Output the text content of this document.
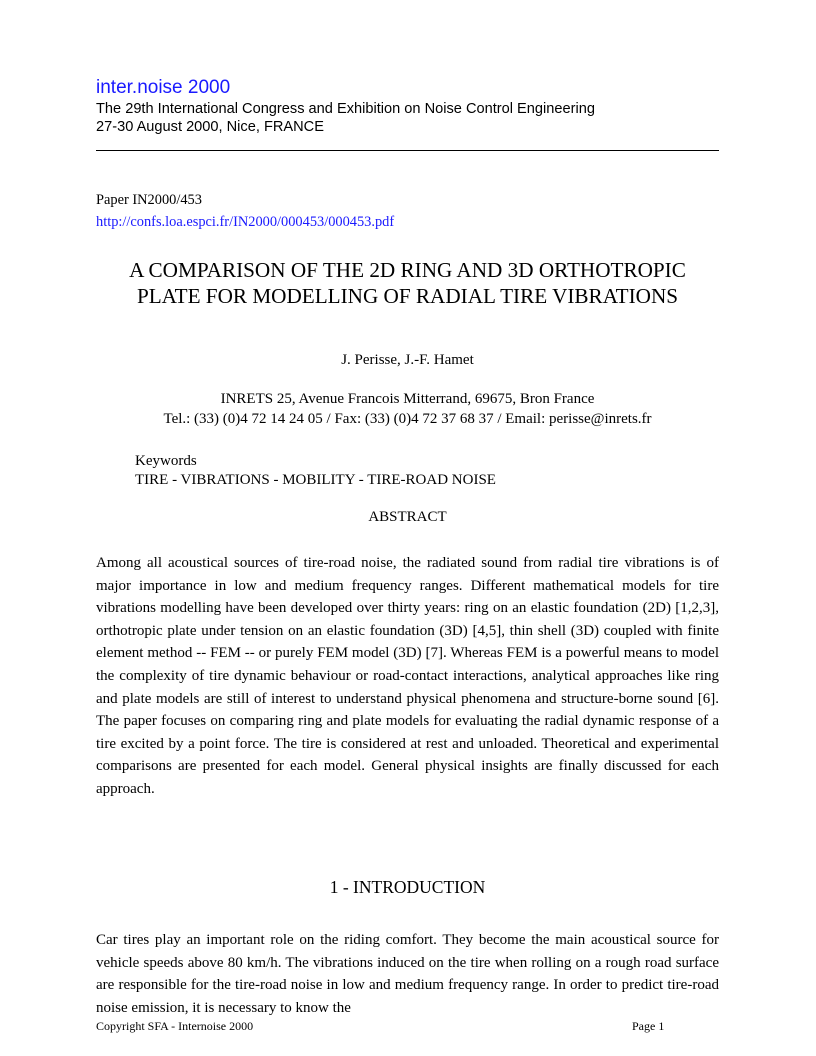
inter.noise 2000
The 29th International Congress and Exhibition on Noise Control Engineering
27-30 August 2000, Nice, FRANCE
Paper IN2000/453
http://confs.loa.espci.fr/IN2000/000453/000453.pdf
A COMPARISON OF THE 2D RING AND 3D ORTHOTROPIC PLATE FOR MODELLING OF RADIAL TIRE VIBRATIONS
J. Perisse, J.-F. Hamet
INRETS 25, Avenue Francois Mitterrand, 69675, Bron France
Tel.: (33) (0)4 72 14 24 05 / Fax: (33) (0)4 72 37 68 37 / Email: perisse@inrets.fr
Keywords
TIRE - VIBRATIONS - MOBILITY - TIRE-ROAD NOISE
ABSTRACT
Among all acoustical sources of tire-road noise, the radiated sound from radial tire vibrations is of major importance in low and medium frequency ranges. Different mathematical models for tire vibrations modelling have been developed over thirty years: ring on an elastic foundation (2D) [1,2,3], orthotropic plate under tension on an elastic foundation (3D) [4,5], thin shell (3D) coupled with finite element method -- FEM -- or purely FEM model (3D) [7]. Whereas FEM is a powerful means to model the complexity of tire dynamic behaviour or road-contact interactions, analytical approaches like ring and plate models are still of interest to understand physical phenomena and structure-borne sound [6]. The paper focuses on comparing ring and plate models for evaluating the radial dynamic response of a tire excited by a point force. The tire is considered at rest and unloaded. Theoretical and experimental comparisons are presented for each model. General physical insights are finally discussed for each approach.
1 - INTRODUCTION
Car tires play an important role on the riding comfort. They become the main acoustical source for vehicle speeds above 80 km/h. The vibrations induced on the tire when rolling on a rough road surface are responsible for the tire-road noise in low and medium frequency range. In order to predict tire-road noise emission, it is necessary to know the
Copyright SFA - Internoise 2000	Page 1
